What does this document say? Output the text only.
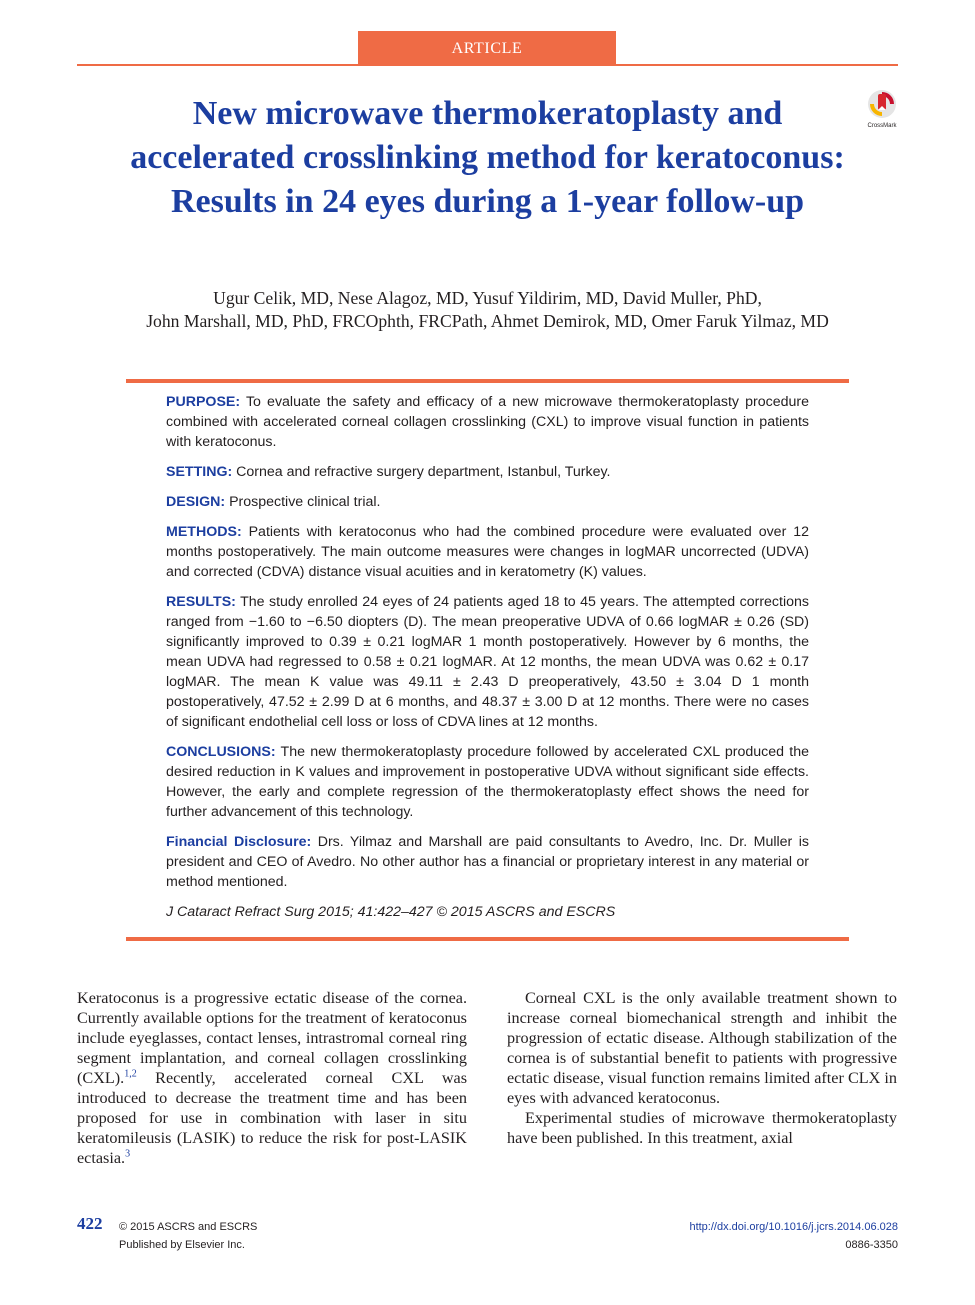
ARTICLE
CrossMark
New microwave thermokeratoplasty and accelerated crosslinking method for keratoconus: Results in 24 eyes during a 1-year follow-up
Ugur Celik, MD, Nese Alagoz, MD, Yusuf Yildirim, MD, David Muller, PhD,
John Marshall, MD, PhD, FRCOphth, FRCPath, Ahmet Demirok, MD, Omer Faruk Yilmaz, MD

PURPOSE: To evaluate the safety and efficacy of a new microwave thermokeratoplasty procedure combined with accelerated corneal collagen crosslinking (CXL) to improve visual function in patients with keratoconus.

SETTING: Cornea and refractive surgery department, Istanbul, Turkey.

DESIGN: Prospective clinical trial.

METHODS: Patients with keratoconus who had the combined procedure were evaluated over 12 months postoperatively. The main outcome measures were changes in logMAR uncorrected (UDVA) and corrected (CDVA) distance visual acuities and in keratometry (K) values.

RESULTS: The study enrolled 24 eyes of 24 patients aged 18 to 45 years. The attempted corrections ranged from −1.60 to −6.50 diopters (D). The mean preoperative UDVA of 0.66 logMAR ± 0.26 (SD) significantly improved to 0.39 ± 0.21 logMAR 1 month postoperatively. However by 6 months, the mean UDVA had regressed to 0.58 ± 0.21 logMAR. At 12 months, the mean UDVA was 0.62 ± 0.17 logMAR. The mean K value was 49.11 ± 2.43 D preoperatively, 43.50 ± 3.04 D 1 month postoperatively, 47.52 ± 2.99 D at 6 months, and 48.37 ± 3.00 D at 12 months. There were no cases of significant endothelial cell loss or loss of CDVA lines at 12 months.

CONCLUSIONS: The new thermokeratoplasty procedure followed by accelerated CXL produced the desired reduction in K values and improvement in postoperative UDVA without significant side effects. However, the early and complete regression of the thermokeratoplasty effect shows the need for further advancement of this technology.

Financial Disclosure: Drs. Yilmaz and Marshall are paid consultants to Avedro, Inc. Dr. Muller is president and CEO of Avedro. No other author has a financial or proprietary interest in any material or method mentioned.

J Cataract Refract Surg 2015; 41:422–427 © 2015 ASCRS and ESCRS

Keratoconus is a progressive ectatic disease of the cornea. Currently available options for the treatment of keratoconus include eyeglasses, contact lenses, intrastromal corneal ring segment implantation, and corneal collagen crosslinking (CXL).$^{1,2}$ Recently, accelerated corneal CXL was introduced to decrease the treatment time and has been proposed for use in combination with laser in situ keratomileusis (LASIK) to reduce the risk for post-LASIK ectasia.$^3$

Corneal CXL is the only available treatment shown to increase corneal biomechanical strength and inhibit the progression of ectatic disease. Although stabilization of the cornea is of substantial benefit to patients with progressive ectatic disease, visual function remains limited after CLX in eyes with advanced keratoconus.

Experimental studies of microwave thermokeratoplasty have been published. In this treatment, axial

422 © 2015 ASCRS and ESCRS
Published by Elsevier Inc.
http://dx.doi.org/10.1016/j.jcrs.2014.06.028
0886-3350
